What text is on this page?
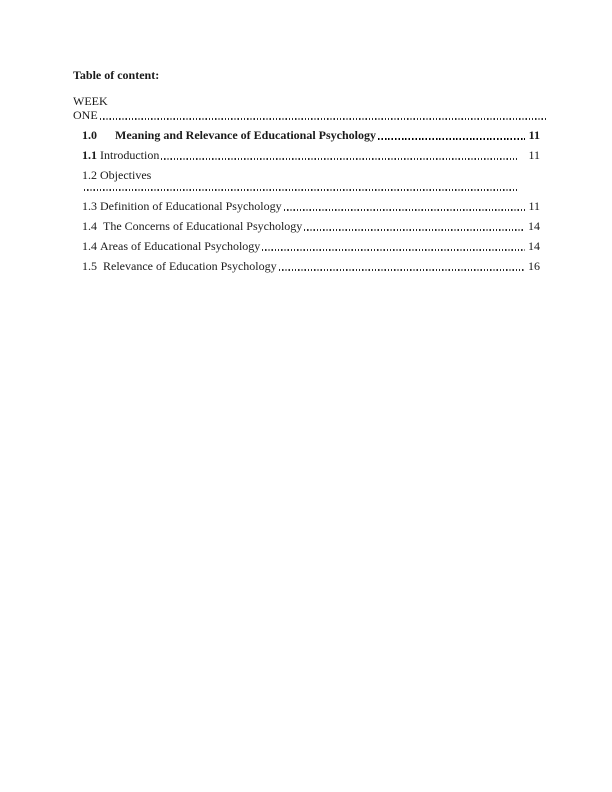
Table of content:
WEEK
ONE
1.0 Meaning and Relevance of Educational Psychology	11
1.1 Introduction	11
1.2 Objectives
1.3 Definition of Educational Psychology	11
1.4 The Concerns of Educational Psychology	14
1.4 Areas of Educational Psychology	14
1.5 Relevance of Education Psychology	16
